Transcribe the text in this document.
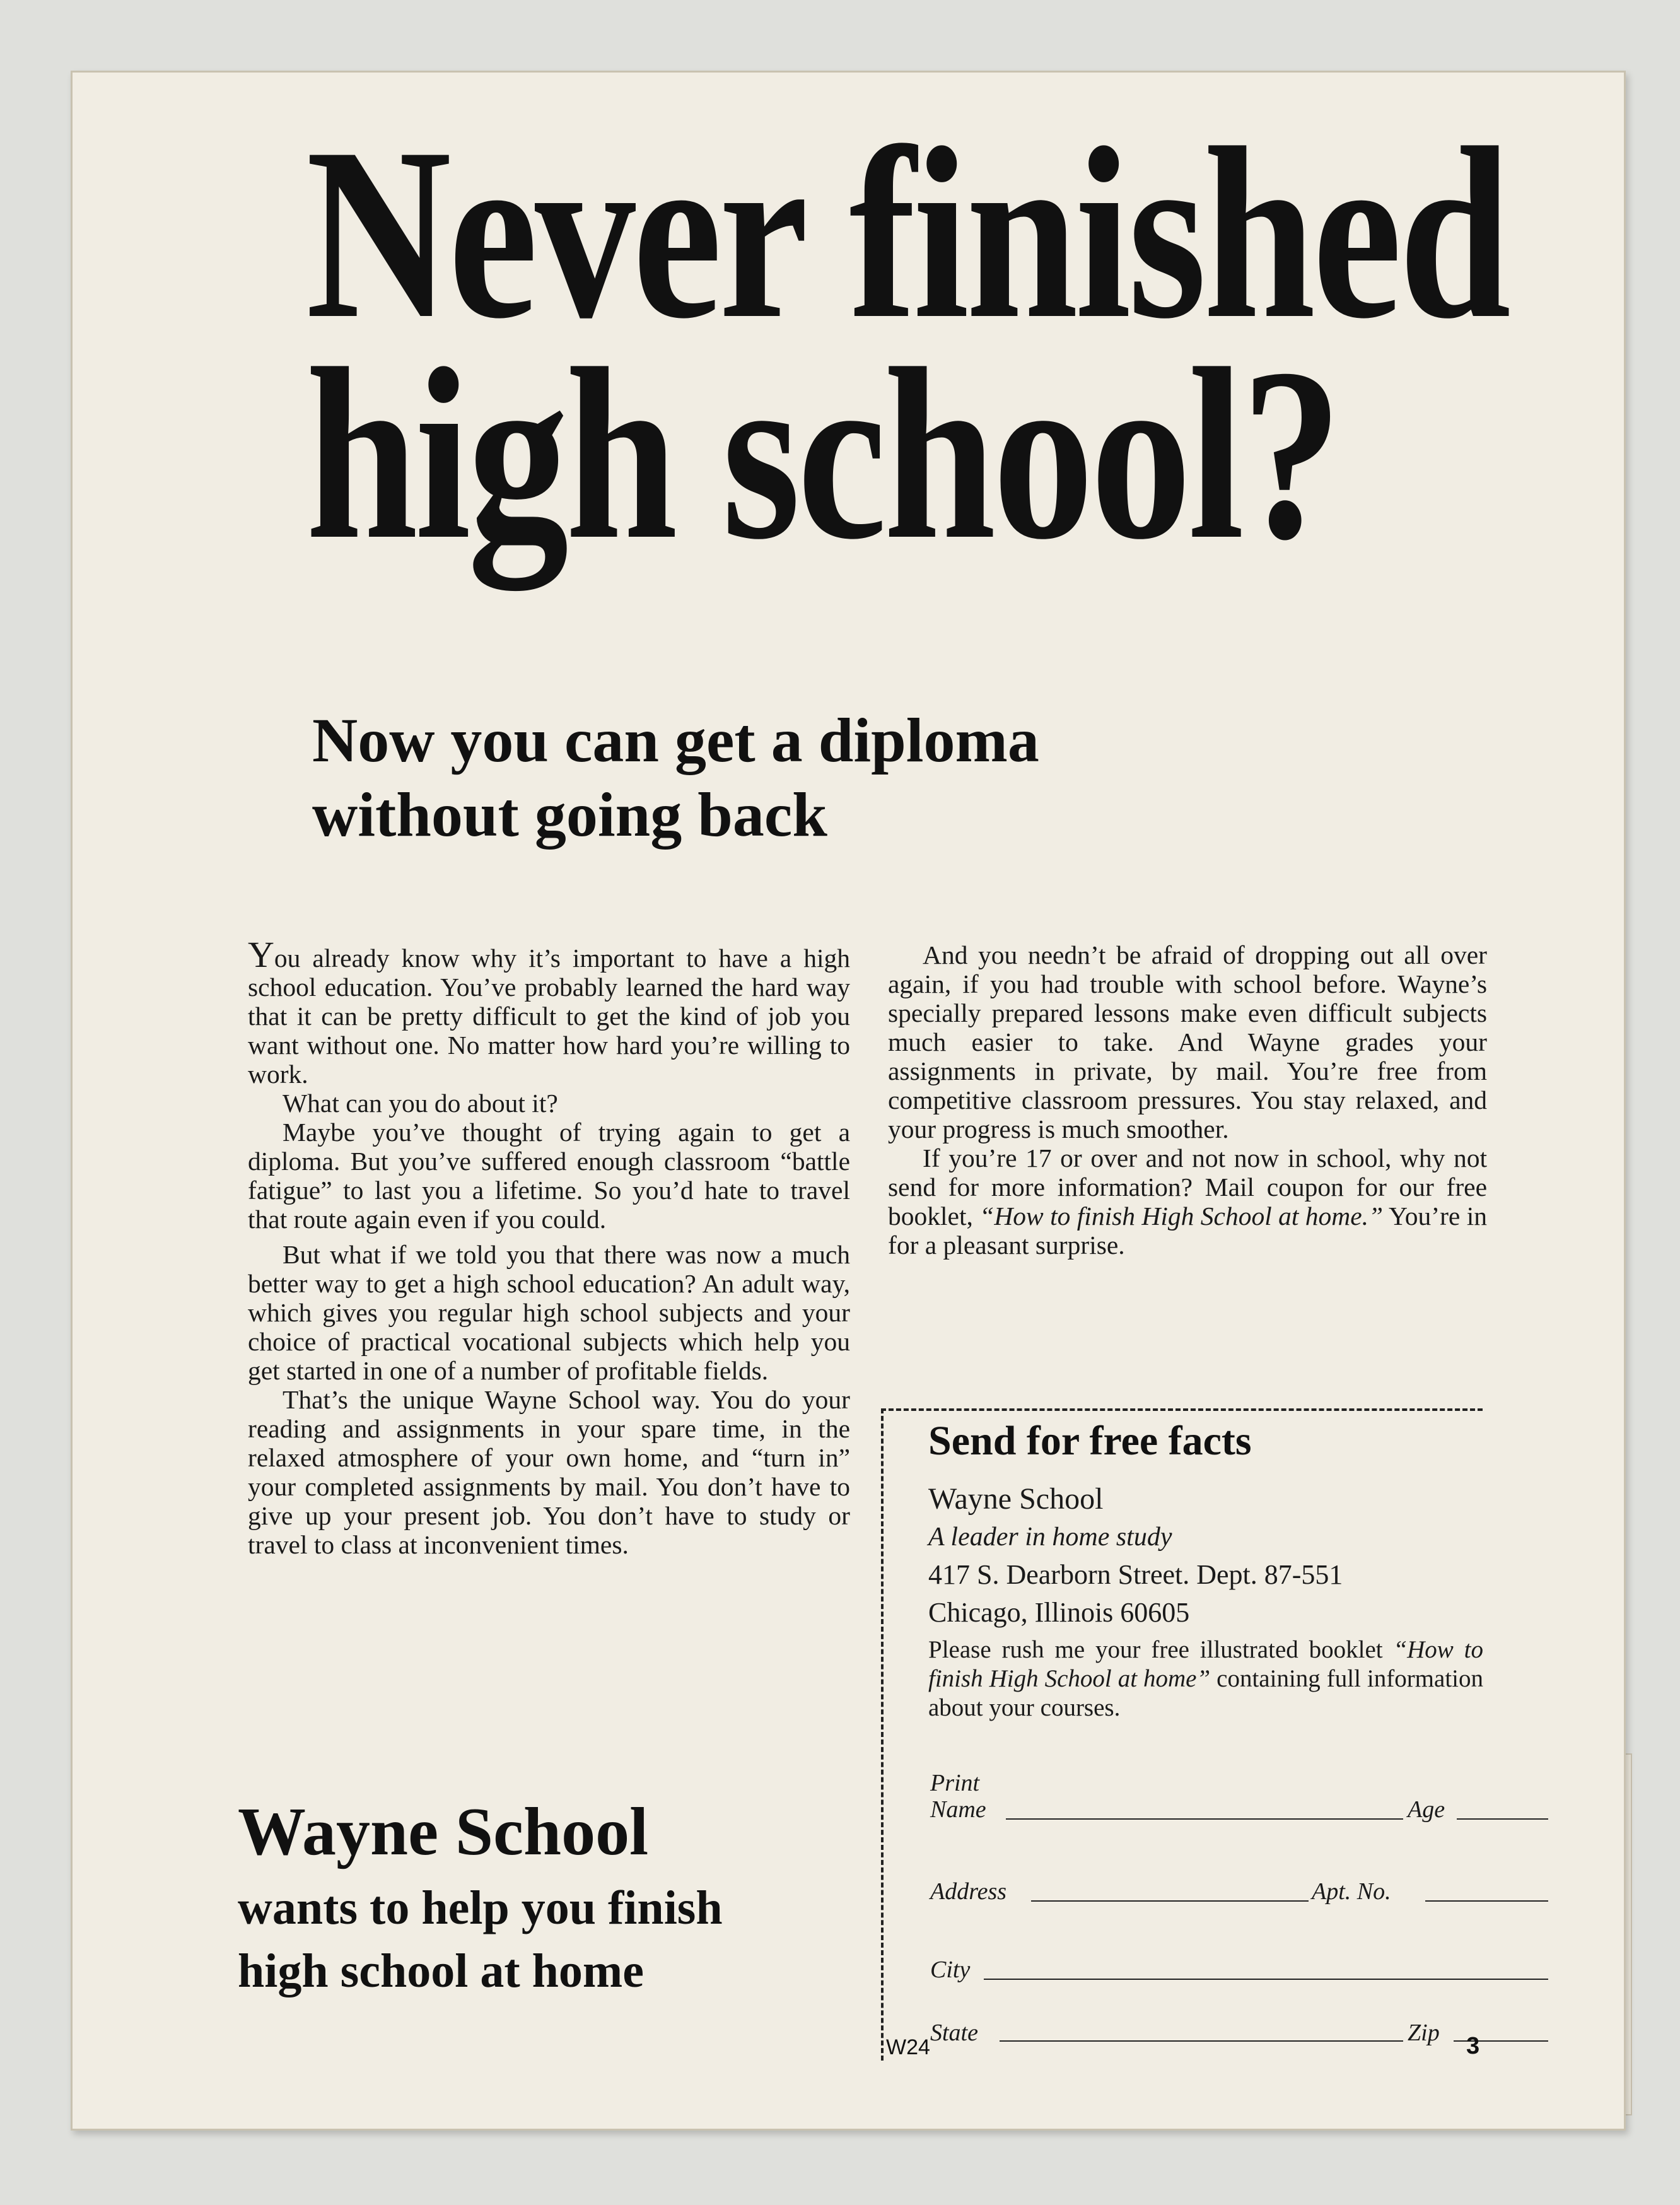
Never finished
high school?
Now you can get a diploma
without going back

You already know why it’s important to have a high school education. You’ve probably learned the hard way that it can be pretty difficult to get the kind of job you want without one. No matter how hard you’re willing to work.

What can you do about it?

Maybe you’ve thought of trying again to get a diploma. But you’ve suffered enough classroom “battle fatigue” to last you a lifetime. So you’d hate to travel that route again even if you could.

But what if we told you that there was now a much better way to get a high school education? An adult way, which gives you regular high school subjects and your choice of practical vocational subjects which help you get started in one of a number of profitable fields.

That’s the unique Wayne School way. You do your reading and assignments in your spare time, in the relaxed atmosphere of your own home, and “turn in” your completed assignments by mail. You don’t have to give up your present job. You don’t have to study or travel to class at inconvenient times.

And you needn’t be afraid of dropping out all over again, if you had trouble with school before. Wayne’s specially prepared lessons make even difficult subjects much easier to take. And Wayne grades your assignments in private, by mail. You’re free from competitive classroom pressures. You stay relaxed, and your progress is much smoother.

If you’re 17 or over and not now in school, why not send for more information? Mail coupon for our free booklet, “How to finish High School at home.” You’re in for a pleasant surprise.

Wayne School
wants to help you finish
high school at home
Send for free facts

Wayne School

A leader in home study

417 S. Dearborn Street. Dept. 87-551

Chicago, Illinois 60605

Please rush me your free illustrated booklet “How to finish High School at home” containing full information about your courses.

Print
Name	Age
Address	Apt. No.
City
State	Zip
W24	3
